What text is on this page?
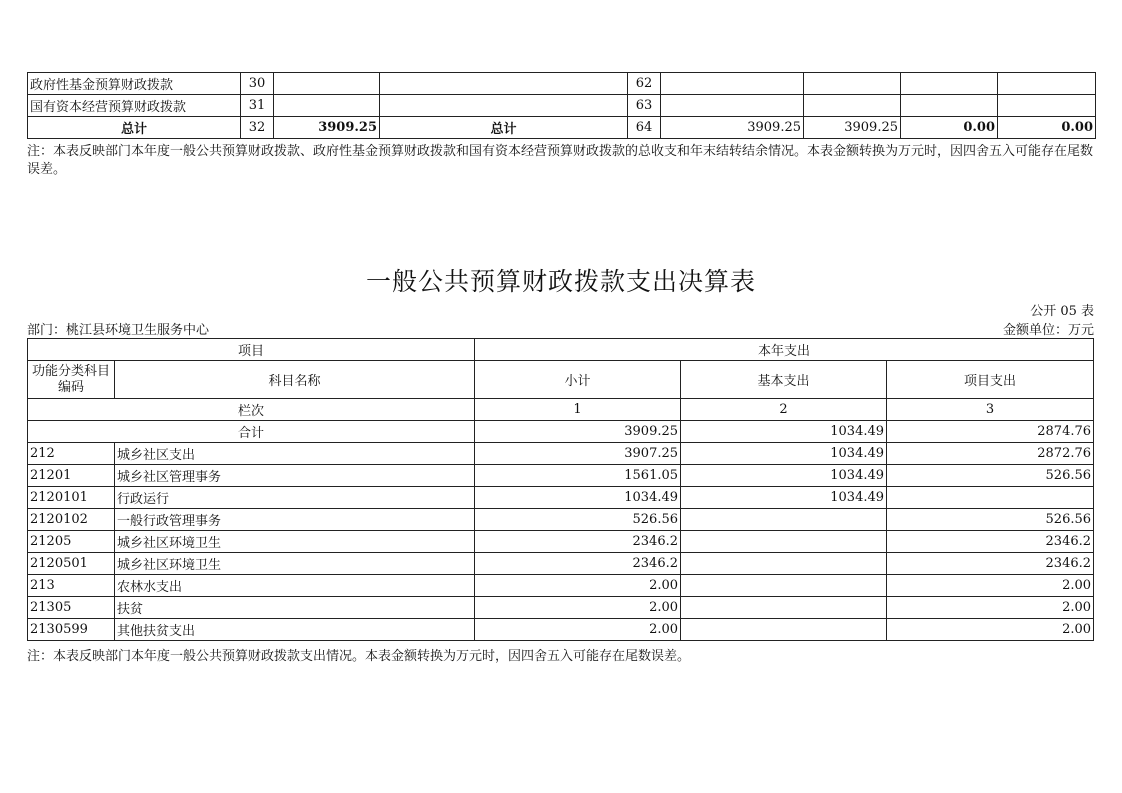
政府性基金预算财政拨款	30			62				
国有资本经营预算财政拨款	31			63				
总计	32	3909.25	总计	64	3909.25	3909.25	0.00	0.00
注：本表反映部门本年度一般公共预算财政拨款、政府性基金预算财政拨款和国有资本经营预算财政拨款的总收支和年末结转结余情况。本表金额转换为万元时，因四舍五入可能存在尾数误差。
一般公共预算财政拨款支出决算表
公开 05 表
部门：桃江县环境卫生服务中心	金额单位：万元
项目		本年支出		
功能分类科目编码	科目名称	小计	基本支出	项目支出
栏次		1	2	3
合计		3909.25	1034.49	2874.76
212	城乡社区支出	3907.25	1034.49	2872.76
21201	城乡社区管理事务	1561.05	1034.49	526.56
2120101	行政运行	1034.49	1034.49	
2120102	一般行政管理事务	526.56		526.56
21205	城乡社区环境卫生	2346.2		2346.2
2120501	城乡社区环境卫生	2346.2		2346.2
213	农林水支出	2.00		2.00
21305	扶贫	2.00		2.00
2130599	其他扶贫支出	2.00		2.00
注：本表反映部门本年度一般公共预算财政拨款支出情况。本表金额转换为万元时，因四舍五入可能存在尾数误差。
